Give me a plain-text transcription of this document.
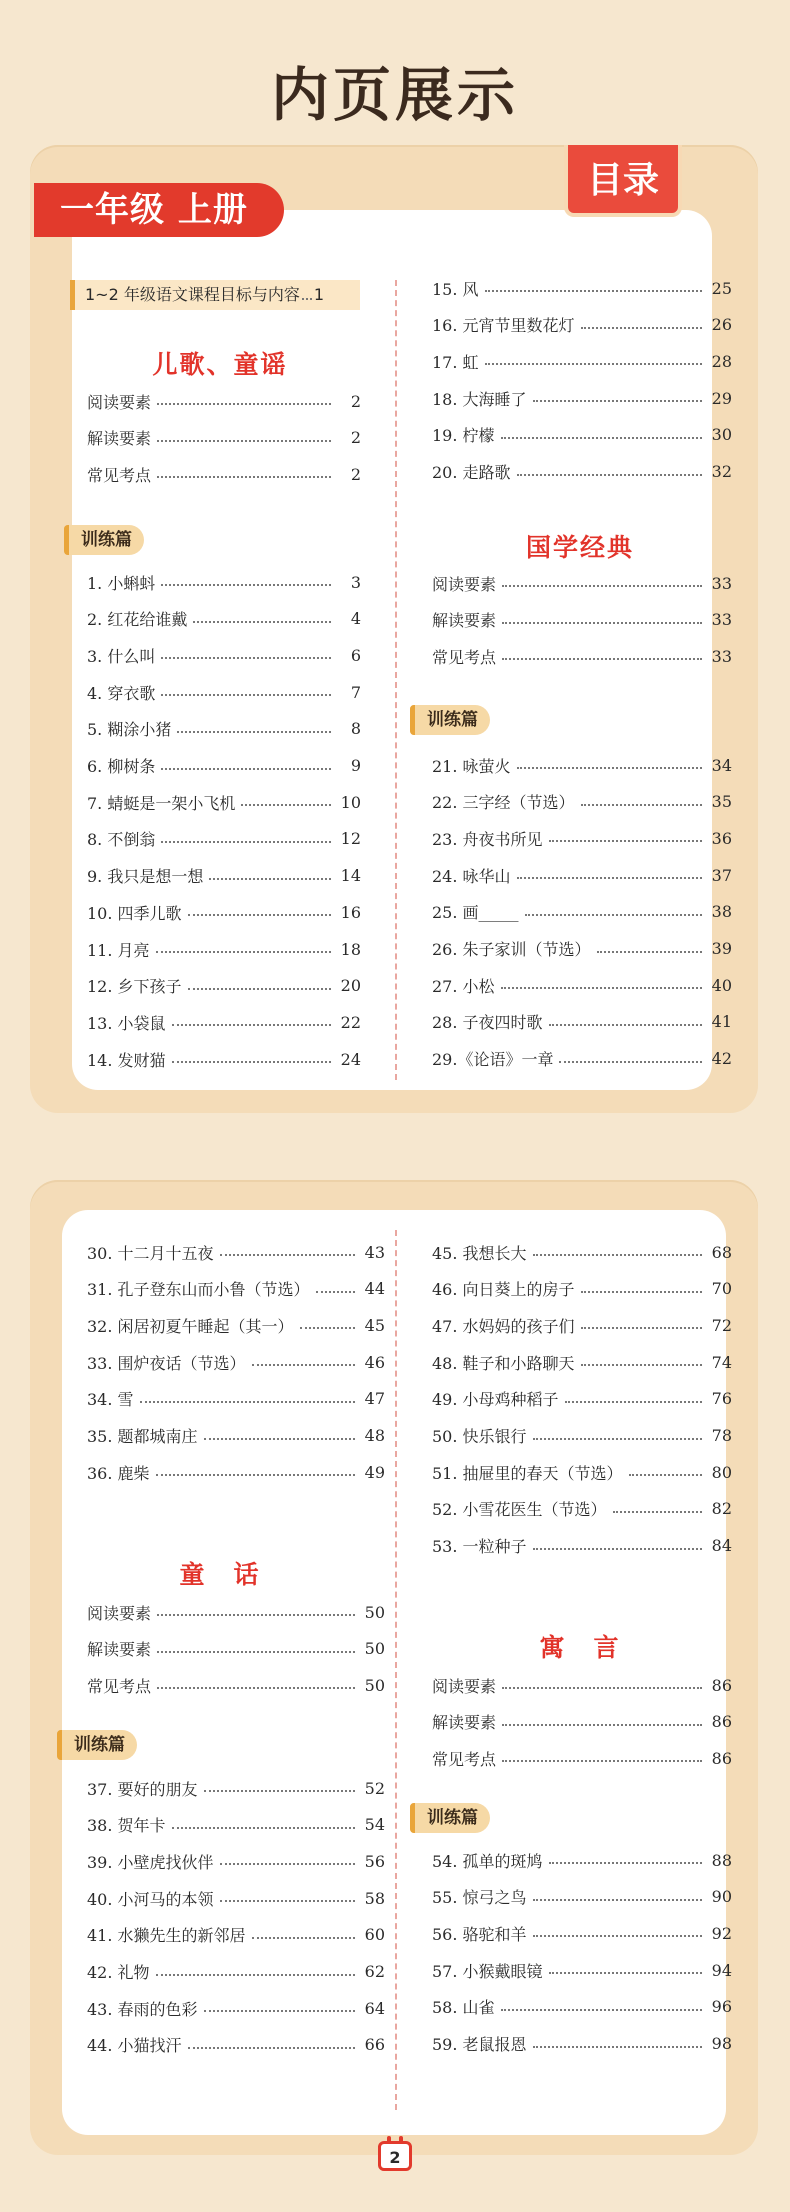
内页展示
一年级 上册
目录
1~2 年级语文课程目标与内容 1
儿歌、童谣
阅读要素	2
解读要素	2
常见考点	2
训练篇
1. 小蝌蚪	3
2. 红花给谁戴	4
3. 什么叫	6
4. 穿衣歌	7
5. 糊涂小猪	8
6. 柳树条	9
7. 蜻蜓是一架小飞机	10
8. 不倒翁	12
9. 我只是想一想	14
10. 四季儿歌	16
11. 月亮	18
12. 乡下孩子	20
13. 小袋鼠	22
14. 发财猫	24
15. 风	25
16. 元宵节里数花灯	26
17. 虹	28
18. 大海睡了	29
19. 柠檬	30
20. 走路歌	32
国学经典
阅读要素	33
解读要素	33
常见考点	33
训练篇
21. 咏萤火	34
22. 三字经（节选）	35
23. 舟夜书所见	36
24. 咏华山	37
25. 画_____	38
26. 朱子家训（节选）	39
27. 小松	40
28. 子夜四时歌	41
29.《论语》一章	42
30. 十二月十五夜	43
31. 孔子登东山而小鲁（节选）	44
32. 闲居初夏午睡起（其一）	45
33. 围炉夜话（节选）	46
34. 雪	47
35. 题都城南庄	48
36. 鹿柴	49
童　话
阅读要素	50
解读要素	50
常见考点	50
训练篇
37. 要好的朋友	52
38. 贺年卡	54
39. 小壁虎找伙伴	56
40. 小河马的本领	58
41. 水獭先生的新邻居	60
42. 礼物	62
43. 春雨的色彩	64
44. 小猫找汗	66
45. 我想长大	68
46. 向日葵上的房子	70
47. 水妈妈的孩子们	72
48. 鞋子和小路聊天	74
49. 小母鸡种稻子	76
50. 快乐银行	78
51. 抽屉里的春天（节选）	80
52. 小雪花医生（节选）	82
53. 一粒种子	84
寓　言
阅读要素	86
解读要素	86
常见考点	86
训练篇
54. 孤单的斑鸠	88
55. 惊弓之鸟	90
56. 骆驼和羊	92
57. 小猴戴眼镜	94
58. 山雀	96
59. 老鼠报恩	98
2
